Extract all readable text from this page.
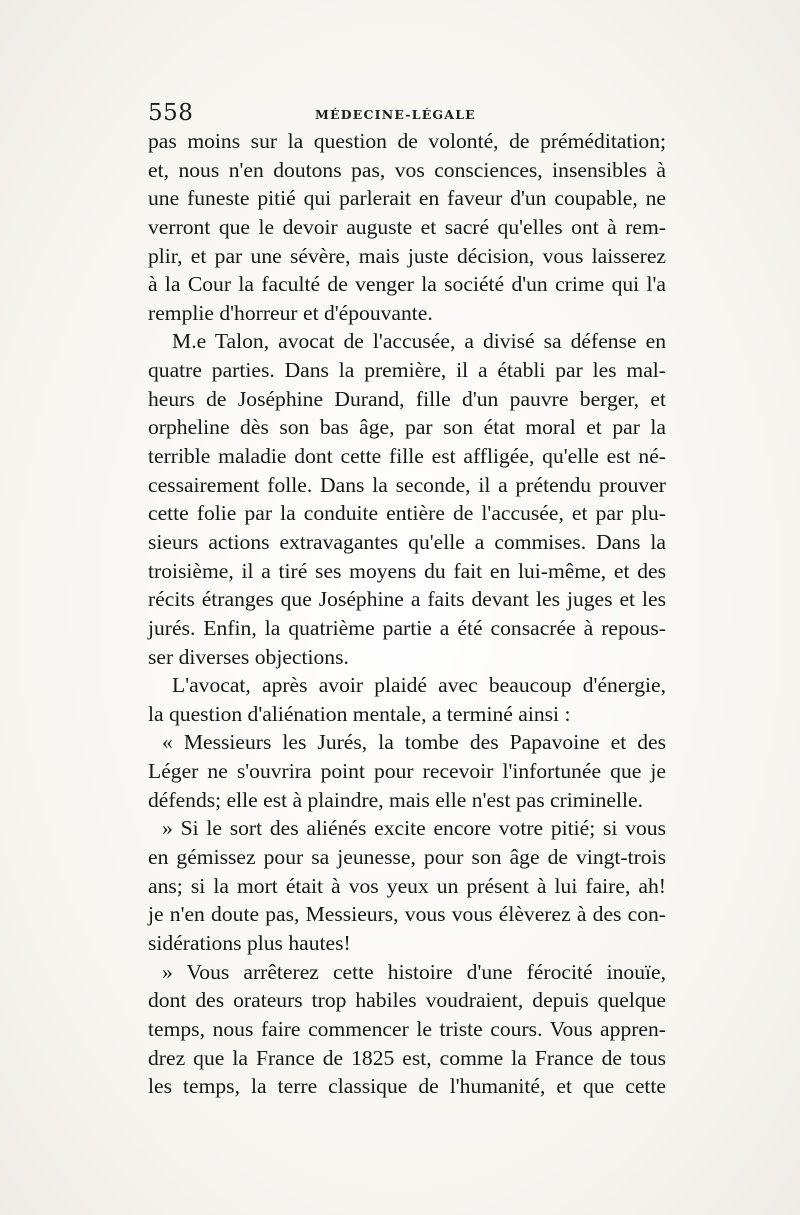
558	MÉDECINE-LÉGALE
pas moins sur la question de volonté, de préméditation;
et, nous n'en doutons pas, vos consciences, insensibles à
une funeste pitié qui parlerait en faveur d'un coupable, ne
verront que le devoir auguste et sacré qu'elles ont à rem-
plir, et par une sévère, mais juste décision, vous laisserez
à la Cour la faculté de venger la société d'un crime qui l'a
remplie d'horreur et d'épouvante.
M.e Talon, avocat de l'accusée, a divisé sa défense en
quatre parties. Dans la première, il a établi par les mal-
heurs de Joséphine Durand, fille d'un pauvre berger, et
orpheline dès son bas âge, par son état moral et par la
terrible maladie dont cette fille est affligée, qu'elle est né-
cessairement folle. Dans la seconde, il a prétendu prouver
cette folie par la conduite entière de l'accusée, et par plu-
sieurs actions extravagantes qu'elle a commises. Dans la
troisième, il a tiré ses moyens du fait en lui-même, et des
récits étranges que Joséphine a faits devant les juges et les
jurés. Enfin, la quatrième partie a été consacrée à repous-
ser diverses objections.
L'avocat, après avoir plaidé avec beaucoup d'énergie,
la question d'aliénation mentale, a terminé ainsi :
« Messieurs les Jurés, la tombe des Papavoine et des
Léger ne s'ouvrira point pour recevoir l'infortunée que je
défends; elle est à plaindre, mais elle n'est pas criminelle.
» Si le sort des aliénés excite encore votre pitié; si vous
en gémissez pour sa jeunesse, pour son âge de vingt-trois
ans; si la mort était à vos yeux un présent à lui faire, ah!
je n'en doute pas, Messieurs, vous vous élèverez à des con-
sidérations plus hautes!
» Vous arrêterez cette histoire d'une férocité inouïe,
dont des orateurs trop habiles voudraient, depuis quelque
temps, nous faire commencer le triste cours. Vous appren-
drez que la France de 1825 est, comme la France de tous
les temps, la terre classique de l'humanité, et que cette
